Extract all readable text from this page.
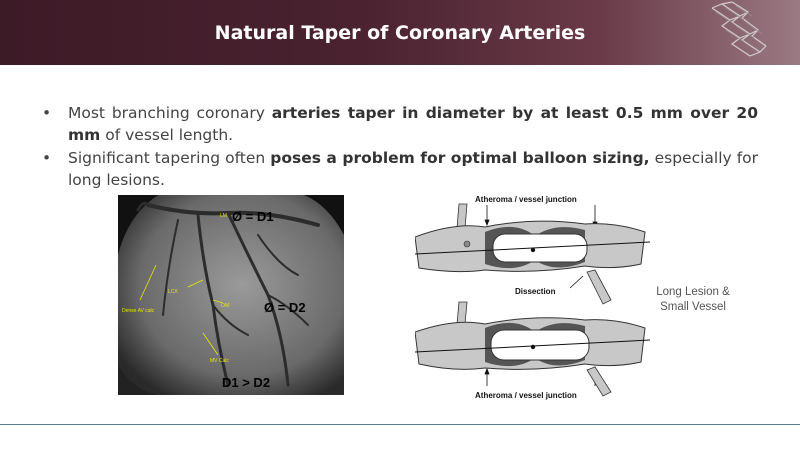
Natural Taper of Coronary Arteries
• Most branching coronary arteries taper in diameter by at least 0.5 mm over 20 mm of vessel length.
• Significant tapering often poses a problem for optimal balloon sizing, especially for long lesions.
LM
LCX
OM
Dense AV calc
MV Calc
Ø = D1
Ø = D2
D1 > D2
Atheroma / vessel junction
Dissection
Atheroma / vessel junction
Long Lesion &
Small Vessel
